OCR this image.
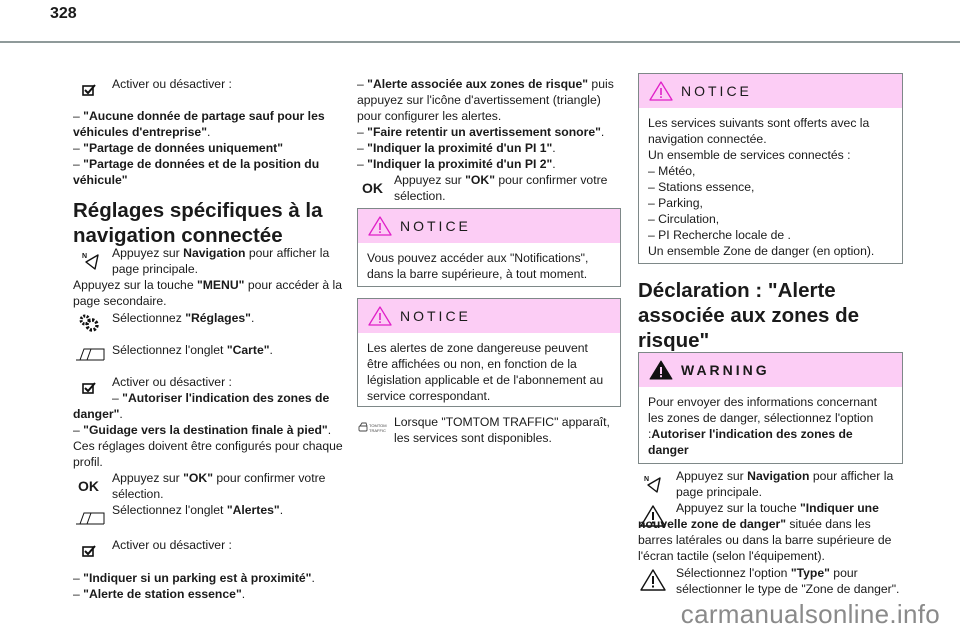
328
Activer ou désactiver :
– "Aucune donnée de partage sauf pour les véhicules d'entreprise".
– "Partage de données uniquement"
– "Partage de données et de la position du véhicule"
Réglages spécifiques à la navigation connectée
N Appuyez sur Navigation pour afficher la page principale.
Appuyez sur la touche "MENU" pour accéder à la page secondaire.
Sélectionnez "Réglages".
Sélectionnez l'onglet "Carte".
Activer ou désactiver :
– "Autoriser l'indication des zones de danger".
– "Guidage vers la destination finale à pied".
Ces réglages doivent être configurés pour chaque profil.
OK Appuyez sur "OK" pour confirmer votre sélection.
Sélectionnez l'onglet "Alertes".
Activer ou désactiver :
– "Indiquer si un parking est à proximité".
– "Alerte de station essence".
– "Alerte associée aux zones de risque" puis appuyez sur l'icône d'avertissement (triangle) pour configurer les alertes.
– "Faire retentir un avertissement sonore".
– "Indiquer la proximité d'un PI 1".
– "Indiquer la proximité d'un PI 2".
OK Appuyez sur "OK" pour confirmer votre sélection.
NOTICE
Vous pouvez accéder aux "Notifications", dans la barre supérieure, à tout moment.
NOTICE
Les alertes de zone dangereuse peuvent être affichées ou non, en fonction de la législation applicable et de l'abonnement au service correspondant.
TOMTOM
TRAFFIC
Lorsque "TOMTOM TRAFFIC" apparaît, les services sont disponibles.
NOTICE
Les services suivants sont offerts avec la navigation connectée.
Un ensemble de services connectés :
– Météo,
– Stations essence,
– Parking,
– Circulation,
– PI Recherche locale de .
Un ensemble Zone de danger (en option).
Déclaration : "Alerte associée aux zones de risque"
WARNING
Pour envoyer des informations concernant les zones de danger, sélectionnez l'option :Autoriser l'indication des zones de danger
N Appuyez sur Navigation pour afficher la page principale.
Appuyez sur la touche "Indiquer une nouvelle zone de danger" située dans les barres latérales ou dans la barre supérieure de l'écran tactile (selon l'équipement).
Sélectionnez l'option "Type" pour sélectionner le type de "Zone de danger".
carmanualsonline.info
